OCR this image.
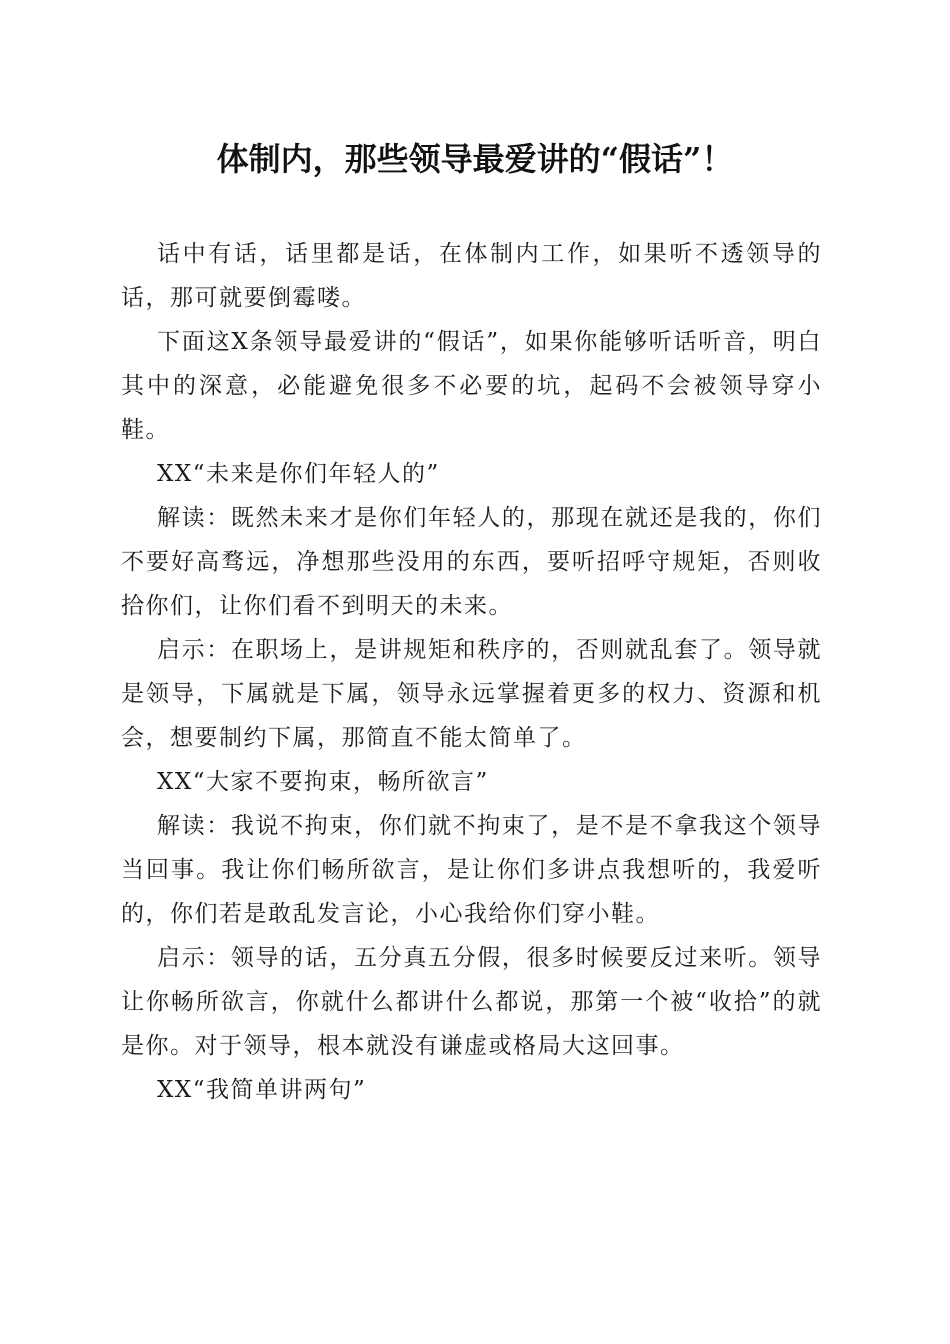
体制内，那些领导最爱讲的“假话”！

话中有话，话里都是话，在体制内工作，如果听不透领导的话，那可就要倒霉喽。

下面这X条领导最爱讲的“假话”，如果你能够听话听音，明白其中的深意，必能避免很多不必要的坑，起码不会被领导穿小鞋。

XX“未来是你们年轻人的”

解读：既然未来才是你们年轻人的，那现在就还是我的，你们不要好高骛远，净想那些没用的东西，要听招呼守规矩，否则收拾你们，让你们看不到明天的未来。

启示：在职场上，是讲规矩和秩序的，否则就乱套了。领导就是领导，下属就是下属，领导永远掌握着更多的权力、资源和机会，想要制约下属，那简直不能太简单了。

XX“大家不要拘束，畅所欲言”

解读：我说不拘束，你们就不拘束了，是不是不拿我这个领导当回事。我让你们畅所欲言，是让你们多讲点我想听的，我爱听的，你们若是敢乱发言论，小心我给你们穿小鞋。

启示：领导的话，五分真五分假，很多时候要反过来听。领导让你畅所欲言，你就什么都讲什么都说，那第一个被“收拾”的就是你。对于领导，根本就没有谦虚或格局大这回事。

XX“我简单讲两句”
